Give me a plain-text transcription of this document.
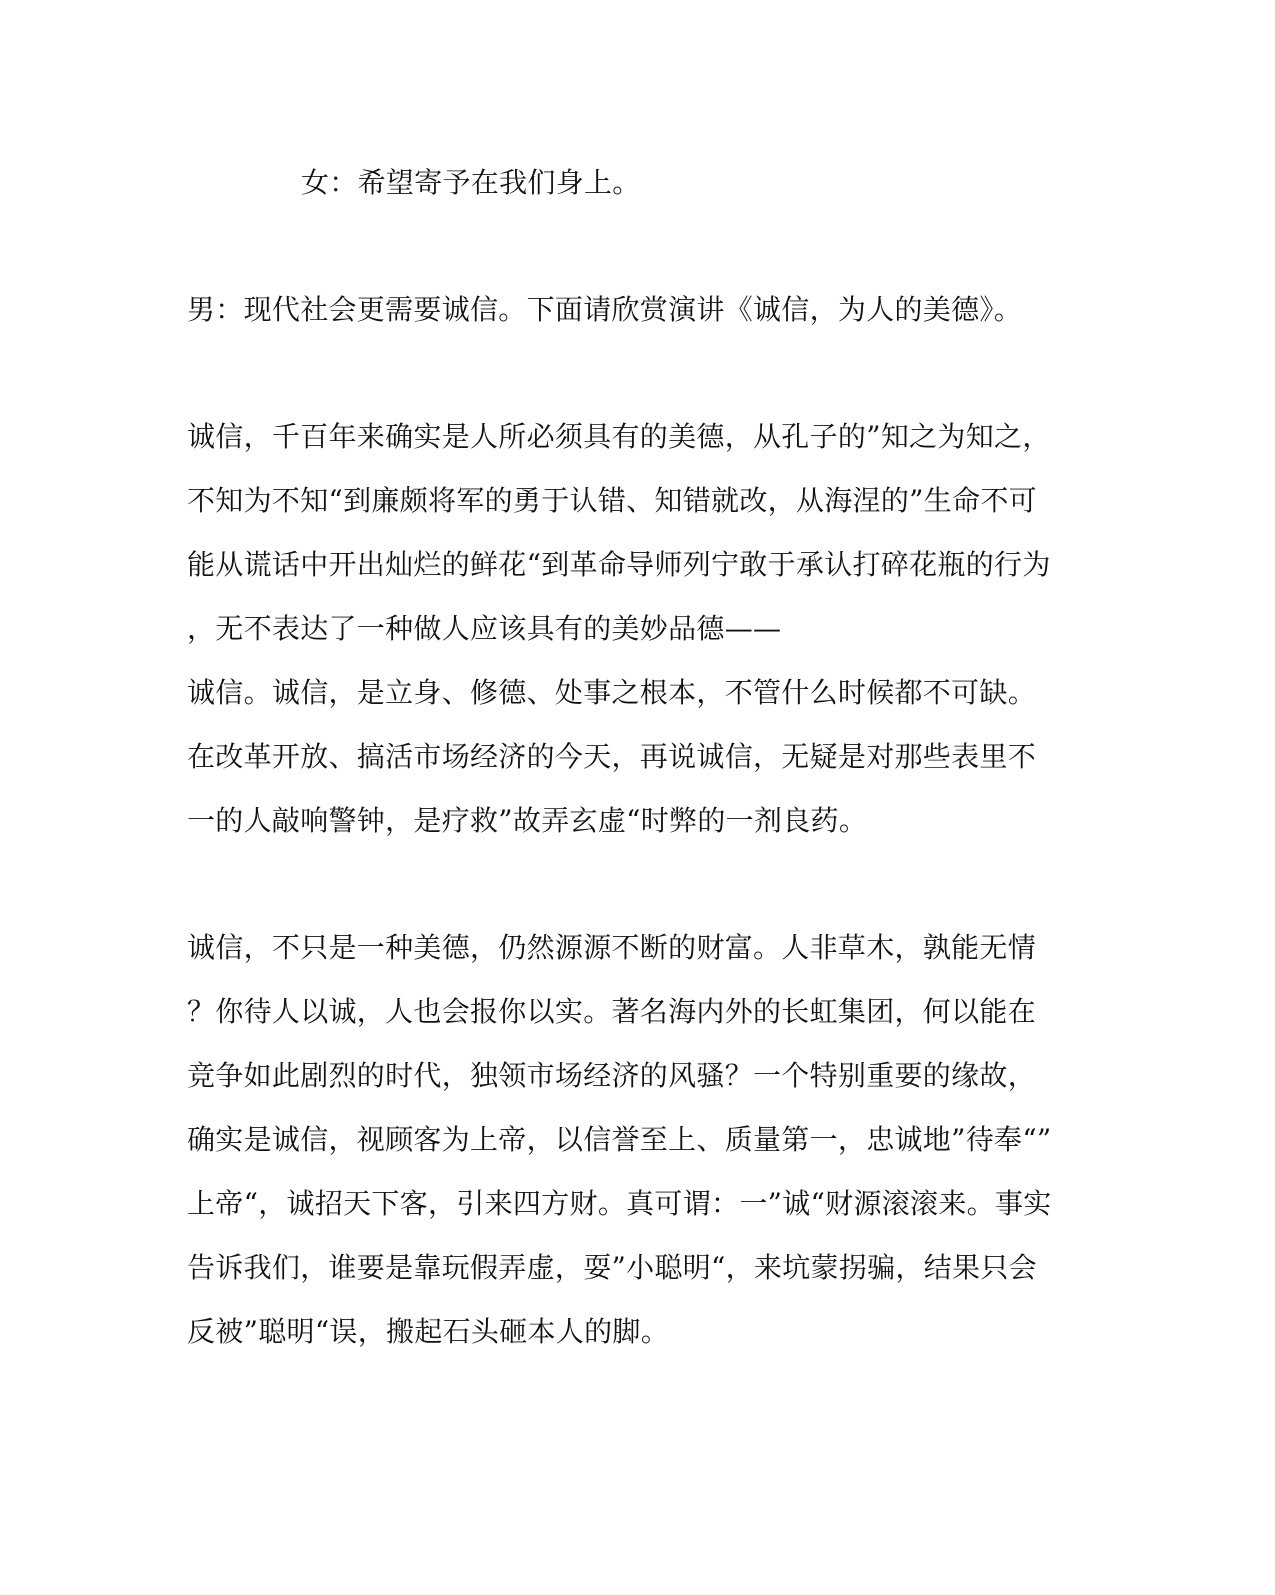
女：希望寄予在我们身上。
男：现代社会更需要诚信。下面请欣赏演讲《诚信，为人的美德》。
诚信，千百年来确实是人所必须具有的美德，从孔子的”知之为知之，
不知为不知“到廉颇将军的勇于认错、知错就改，从海涅的”生命不可
能从谎话中开出灿烂的鲜花“到革命导师列宁敢于承认打碎花瓶的行为
，无不表达了一种做人应该具有的美妙品德——
诚信。诚信，是立身、修德、处事之根本，不管什么时候都不可缺。
在改革开放、搞活市场经济的今天，再说诚信，无疑是对那些表里不
一的人敲响警钟，是疗救”故弄玄虚“时弊的一剂良药。
诚信，不只是一种美德，仍然源源不断的财富。人非草木，孰能无情
？你待人以诚，人也会报你以实。著名海内外的长虹集团，何以能在
竞争如此剧烈的时代，独领市场经济的风骚？一个特别重要的缘故，
确实是诚信，视顾客为上帝，以信誉至上、质量第一，忠诚地”待奉“”
上帝“，诚招天下客，引来四方财。真可谓：一”诚“财源滚滚来。事实
告诉我们，谁要是靠玩假弄虚，耍”小聪明“，来坑蒙拐骗，结果只会
反被”聪明“误，搬起石头砸本人的脚。
